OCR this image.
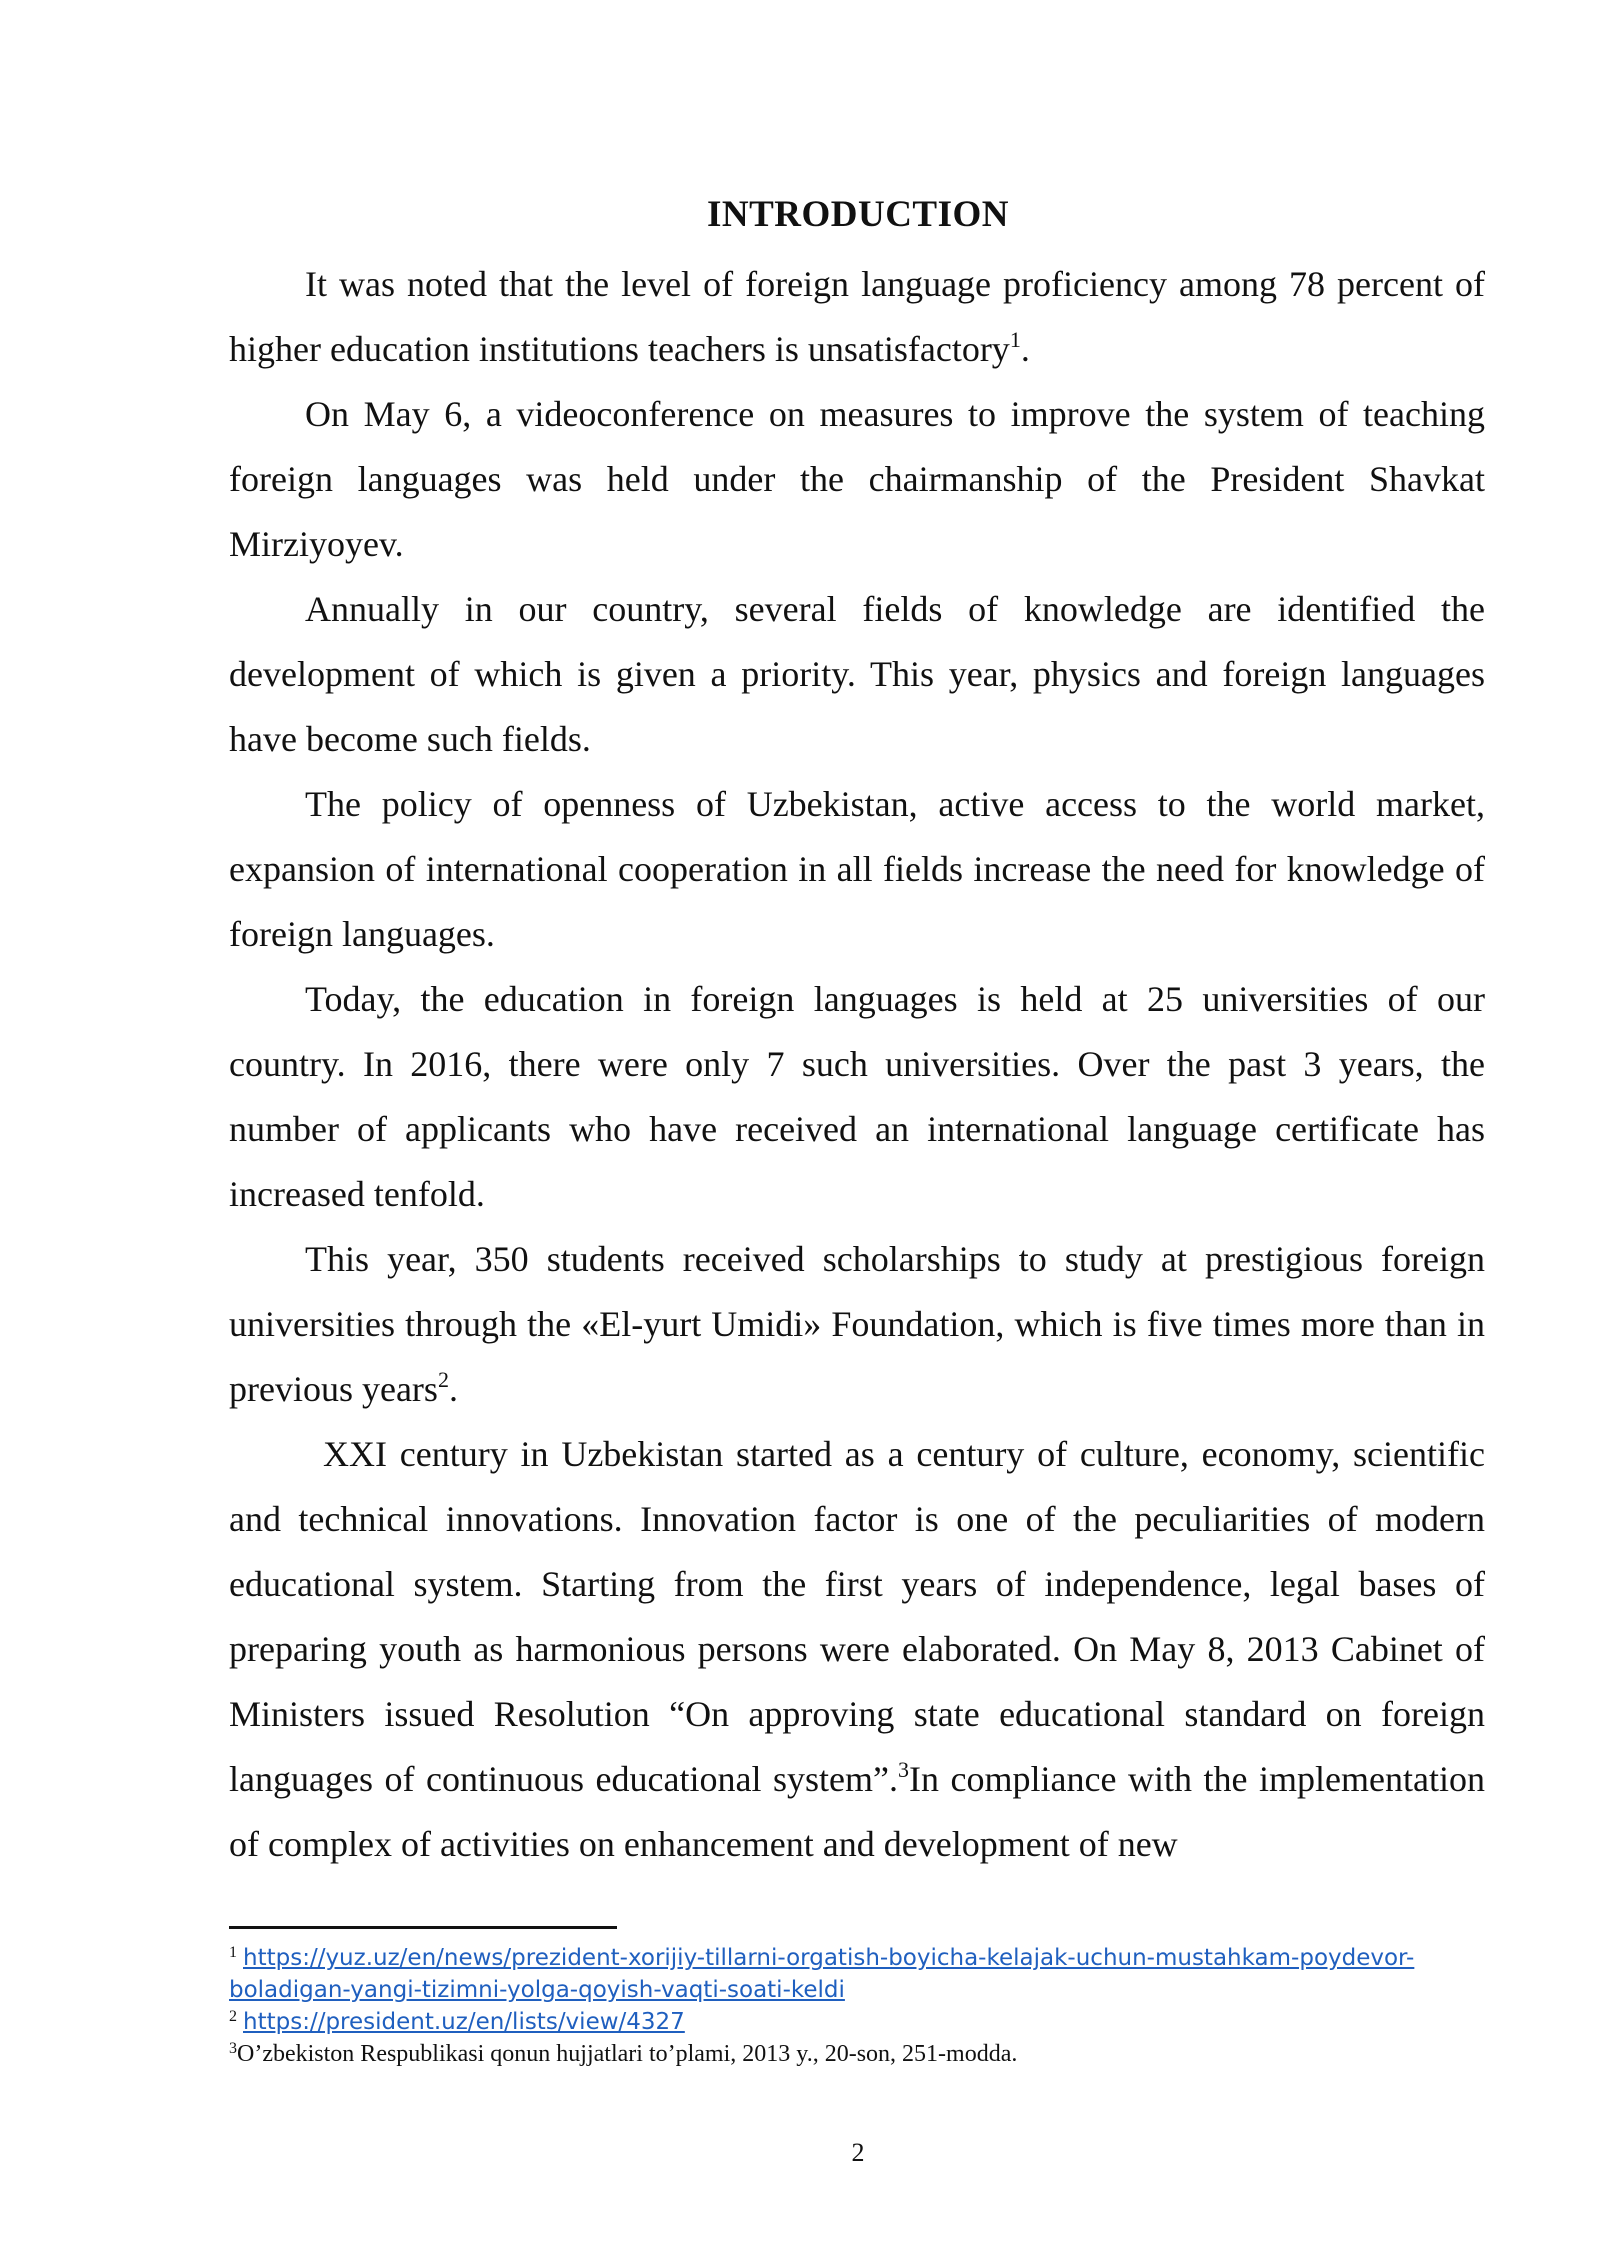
INTRODUCTION

It was noted that the level of foreign language proficiency among 78 percent of higher education institutions teachers is unsatisfactory$^1$.

On May 6, a videoconference on measures to improve the system of teaching foreign languages was held under the chairmanship of the President Shavkat Mirziyoyev.

Annually in our country, several fields of knowledge are identified the development of which is given a priority. This year, physics and foreign languages have become such fields.

The policy of openness of Uzbekistan, active access to the world market, expansion of international cooperation in all fields increase the need for knowledge of foreign languages.

Today, the education in foreign languages is held at 25 universities of our country. In 2016, there were only 7 such universities. Over the past 3 years, the number of applicants who have received an international language certificate has increased tenfold.

This year, 350 students received scholarships to study at prestigious foreign universities through the «El-yurt Umidi» Foundation, which is five times more than in previous years$^2$.

XXI century in Uzbekistan started as a century of culture, economy, scientific and technical innovations. Innovation factor is one of the peculiarities of modern educational system. Starting from the first years of independence, legal bases of preparing youth as harmonious persons were elaborated. On May 8, 2013 Cabinet of Ministers issued Resolution “On approving state educational standard on foreign languages of continuous educational system”.$^3$In compliance with the implementation of complex of activities on enhancement and development of new

$^1$ https://yuz.uz/en/news/prezident-xorijiy-tillarni-orgatish-boyicha-kelajak-uchun-mustahkam-poydevor-boladigan-yangi-tizimni-yolga-qoyish-vaqti-soati-keldi

$^2$ https://president.uz/en/lists/view/4327

$^3$O’zbekiston Respublikasi qonun hujjatlari to’plami, 2013 y., 20-son, 251-modda.

2
